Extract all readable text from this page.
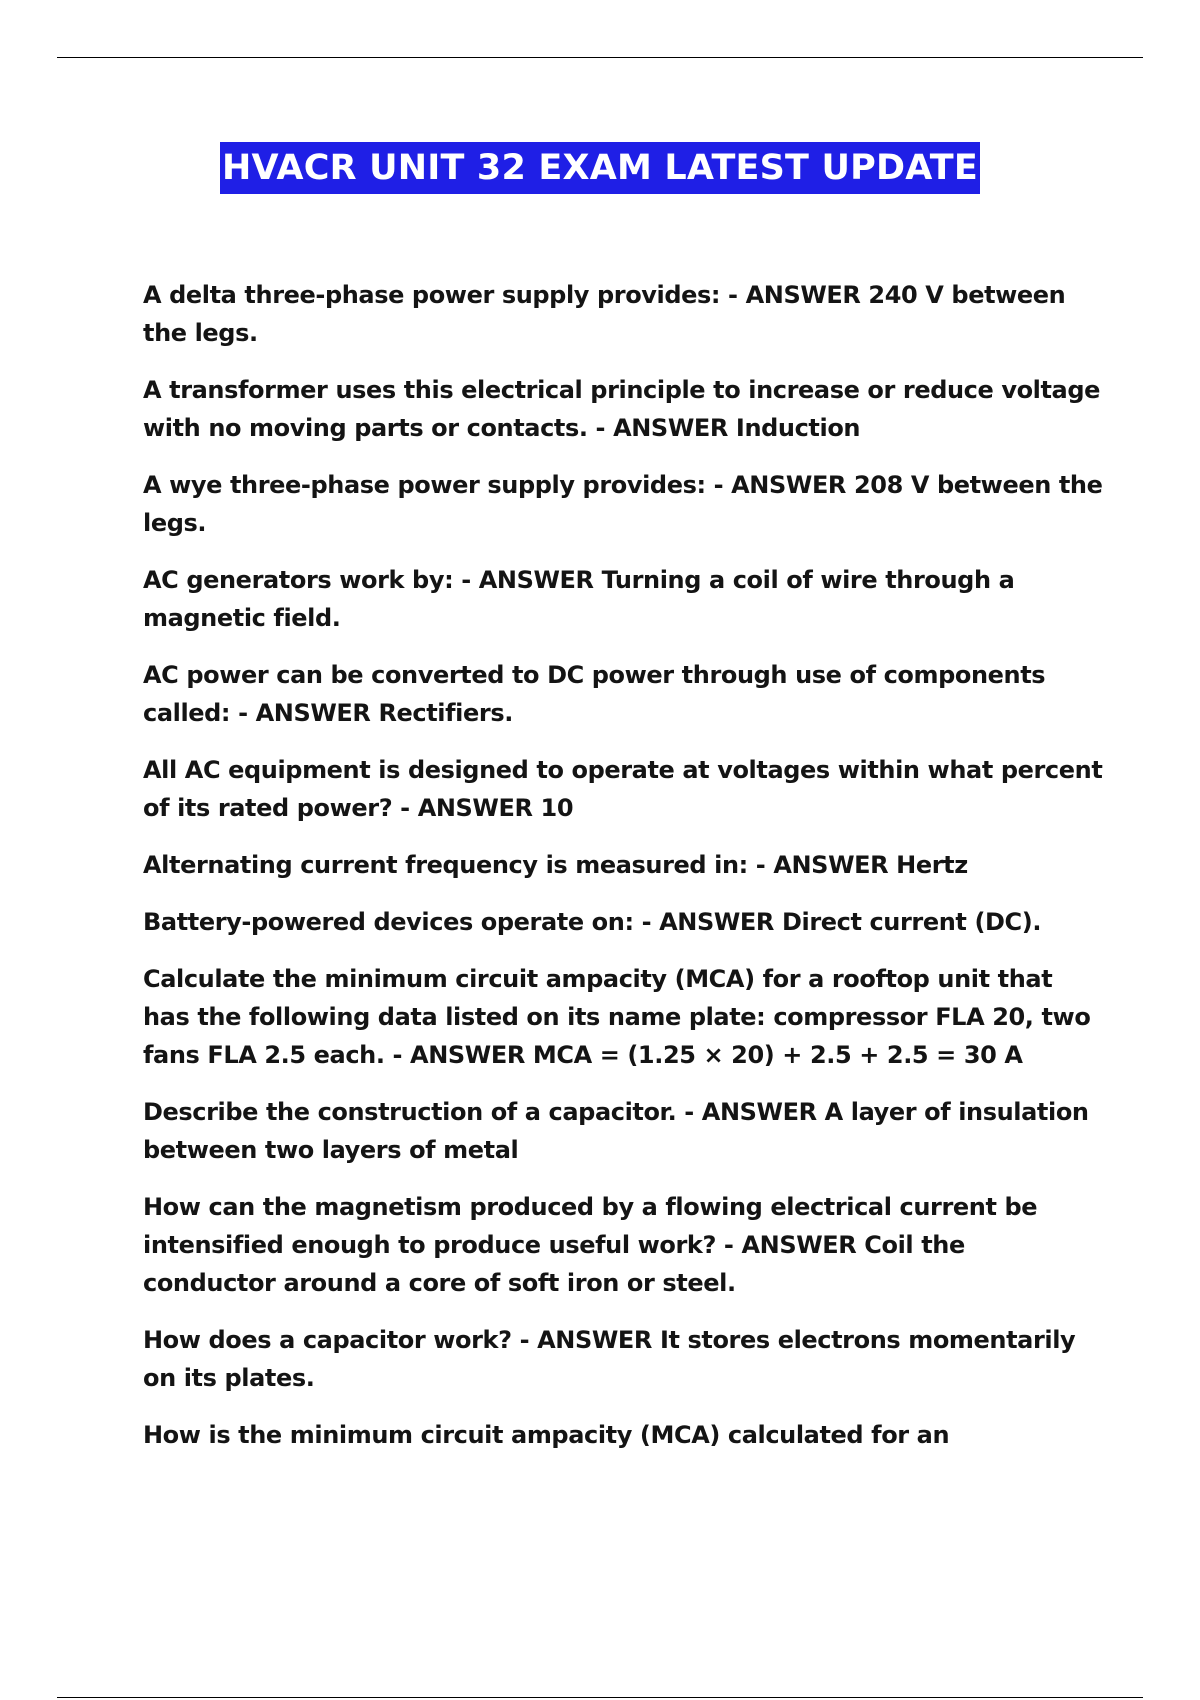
HVACR UNIT 32 EXAM LATEST UPDATE

A delta three-phase power supply provides: - ANSWER 240 V between the legs.

A transformer uses this electrical principle to increase or reduce voltage with no moving parts or contacts. - ANSWER Induction

A wye three-phase power supply provides: - ANSWER 208 V between the legs.

AC generators work by: - ANSWER Turning a coil of wire through a magnetic field.

AC power can be converted to DC power through use of components called: - ANSWER Rectifiers.

All AC equipment is designed to operate at voltages within what percent of its rated power? - ANSWER 10

Alternating current frequency is measured in: - ANSWER Hertz

Battery-powered devices operate on: - ANSWER Direct current (DC).

Calculate the minimum circuit ampacity (MCA) for a rooftop unit that has the following data listed on its name plate: compressor FLA 20, two fans FLA 2.5 each. - ANSWER MCA = (1.25 × 20) + 2.5 + 2.5 = 30 A

Describe the construction of a capacitor. - ANSWER A layer of insulation between two layers of metal

How can the magnetism produced by a flowing electrical current be intensified enough to produce useful work? - ANSWER Coil the conductor around a core of soft iron or steel.

How does a capacitor work? - ANSWER It stores electrons momentarily on its plates.

How is the minimum circuit ampacity (MCA) calculated for an
